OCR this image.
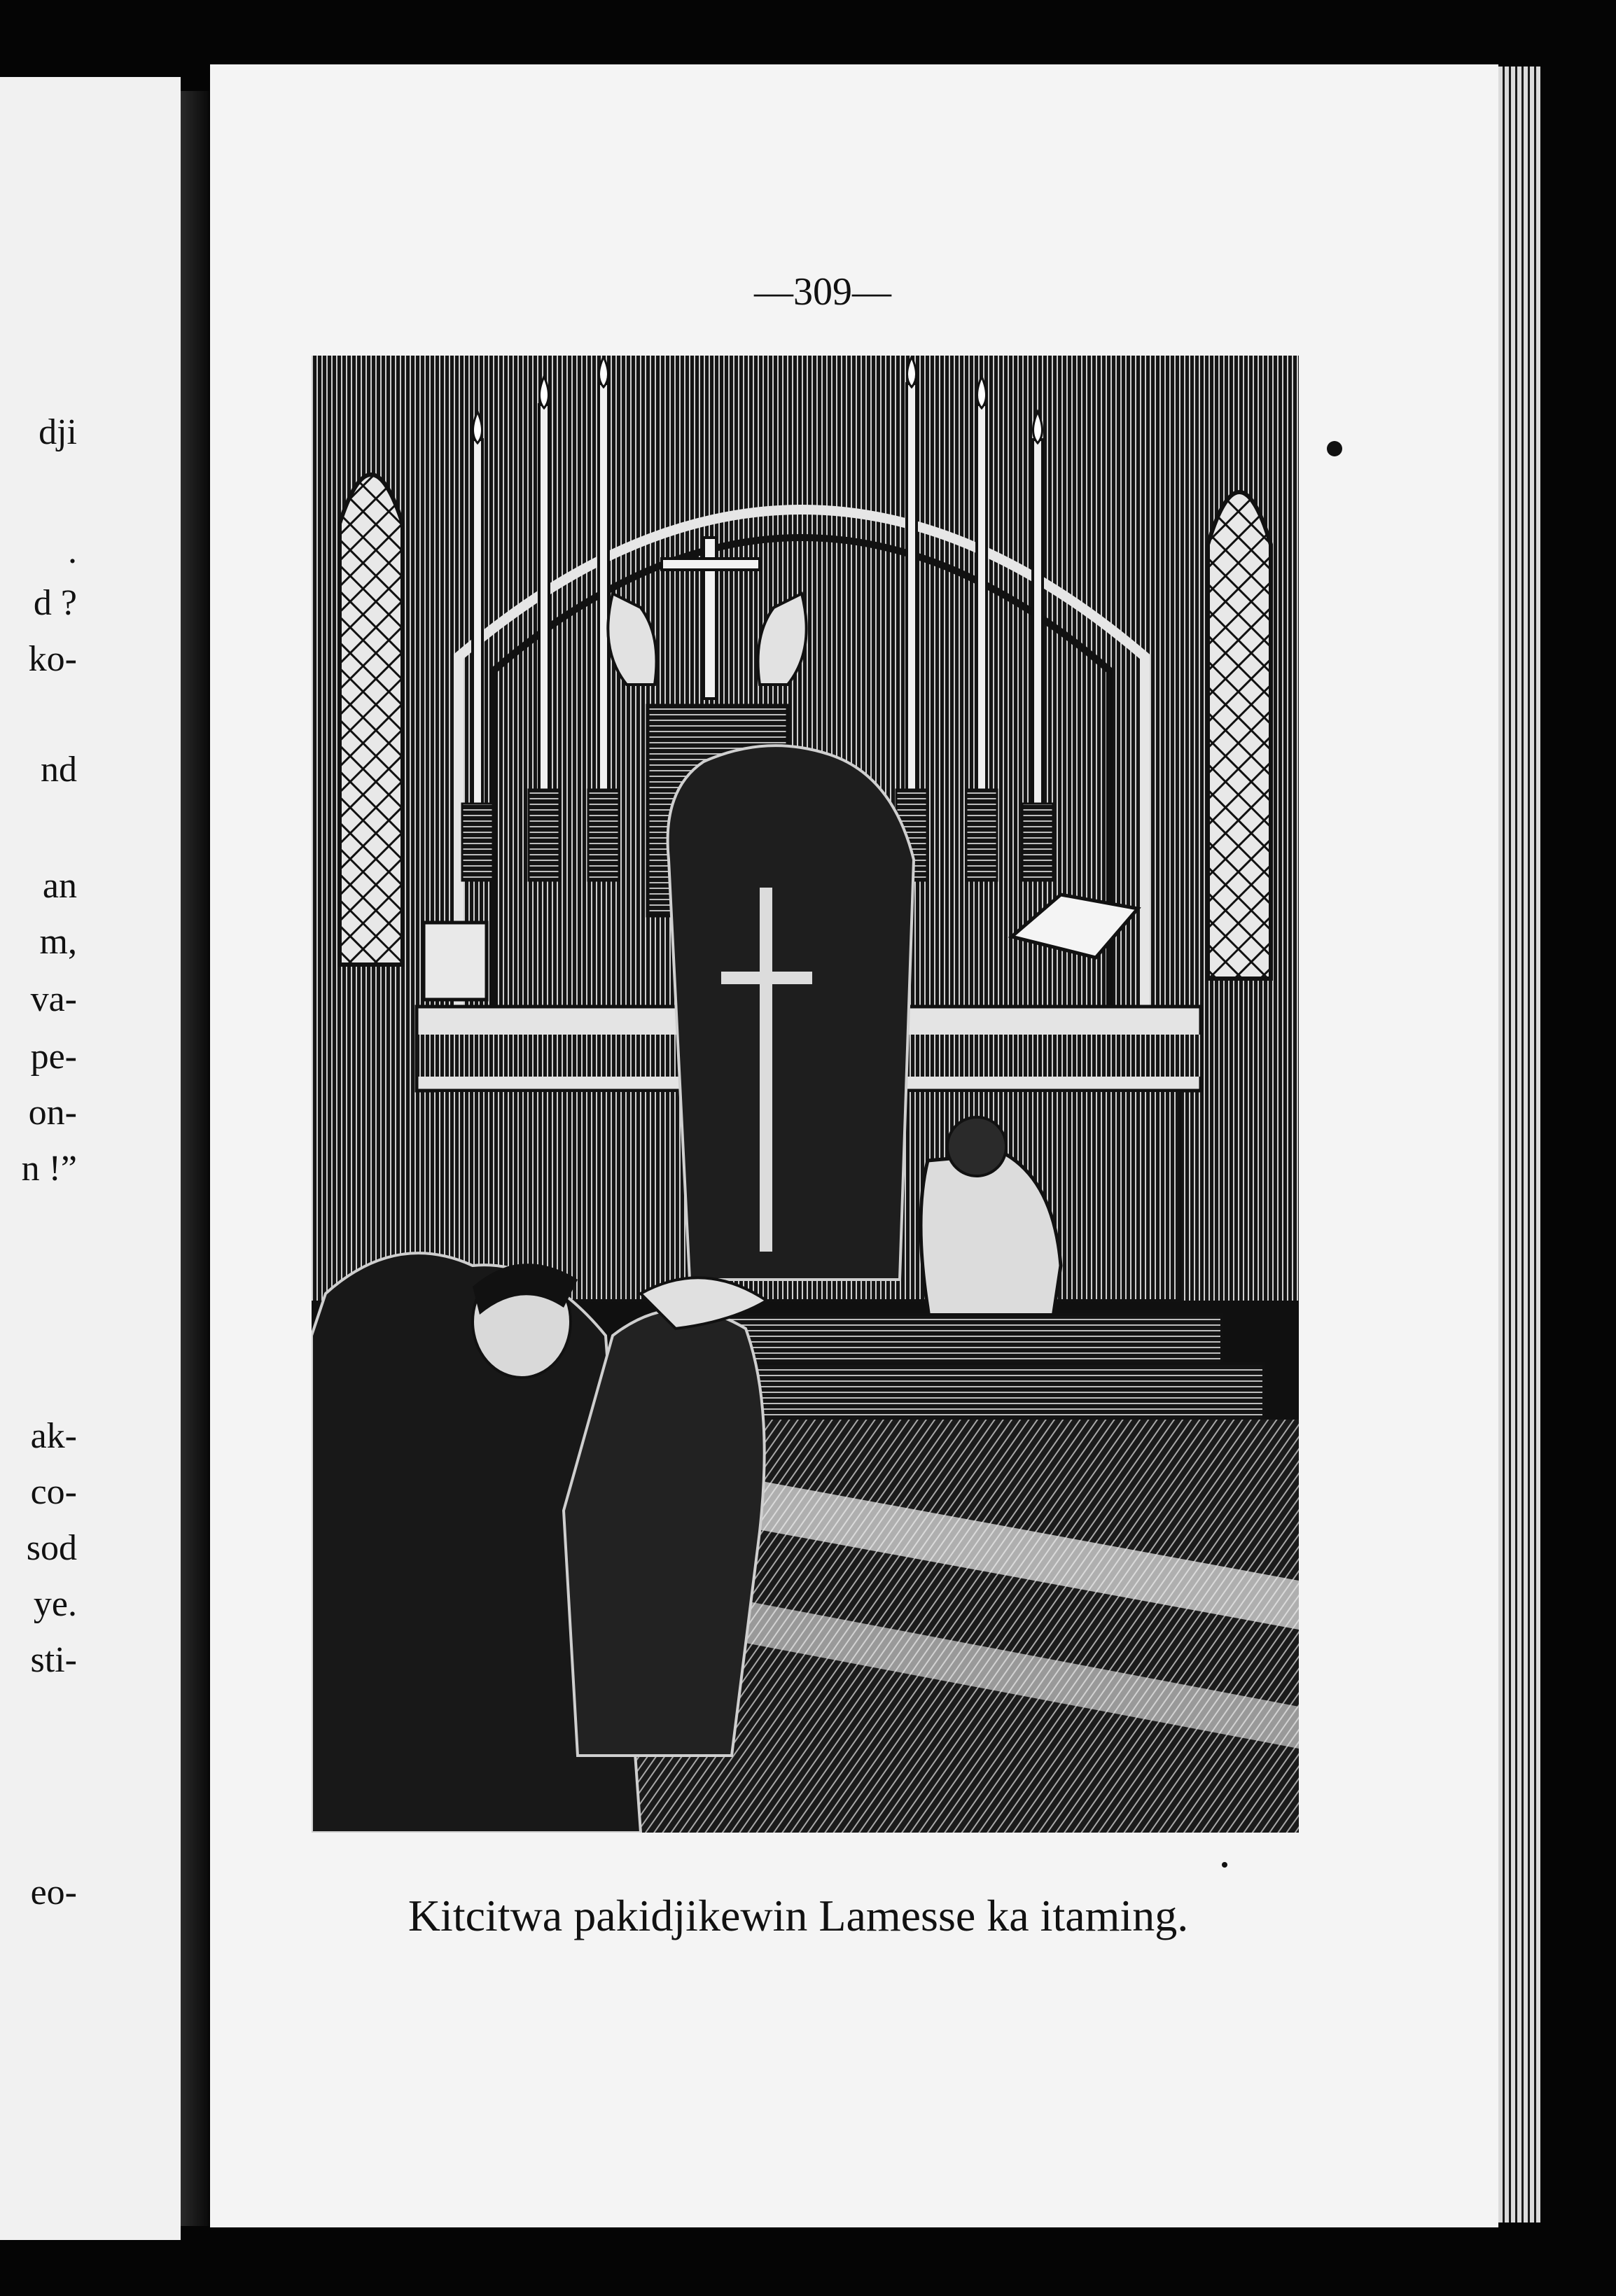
dji
.
d ?
ko-
nd
an
m,
va-
pe-
on-
n !”
ak-
co-
sod
ye.
sti-
eo-
—309—
Kitcitwa pakidjikewin Lamesse ka itaming.
